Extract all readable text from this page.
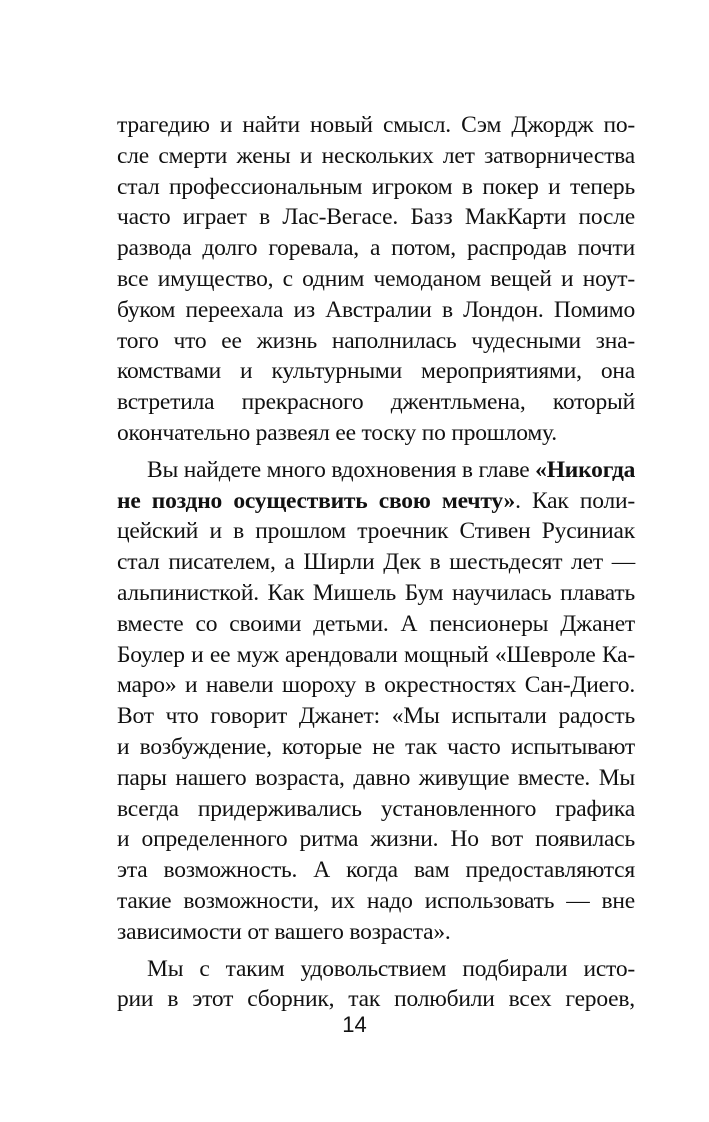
трагедию и найти новый смысл. Сэм Джордж по-
сле смерти жены и нескольких лет затворничества
стал профессиональным игроком в покер и теперь
часто играет в Лас-Вегасе. Базз МакКарти после
развода долго горевала, а потом, распродав почти
все имущество, с одним чемоданом вещей и ноут-
буком переехала из Австралии в Лондон. Помимо
того что ее жизнь наполнилась чудесными зна-
комствами и культурными мероприятиями, она
встретила прекрасного джентльмена, который
окончательно развеял ее тоску по прошлому.
Вы найдете много вдохновения в главе «Никогда
не поздно осуществить свою мечту». Как поли-
цейский и в прошлом троечник Стивен Русиниак
стал писателем, а Ширли Дек в шестьдесят лет —
альпинисткой. Как Мишель Бум научилась плавать
вместе со своими детьми. А пенсионеры Джанет
Боулер и ее муж арендовали мощный «Шевроле Ка-
маро» и навели шороху в окрестностях Сан-Диего.
Вот что говорит Джанет: «Мы испытали радость
и возбуждение, которые не так часто испытывают
пары нашего возраста, давно живущие вместе. Мы
всегда придерживались установленного графика
и определенного ритма жизни. Но вот появилась
эта возможность. А когда вам предоставляются
такие возможности, их надо использовать — вне
зависимости от вашего возраста».
Мы с таким удовольствием подбирали исто-
рии в этот сборник, так полюбили всех героев,
14
